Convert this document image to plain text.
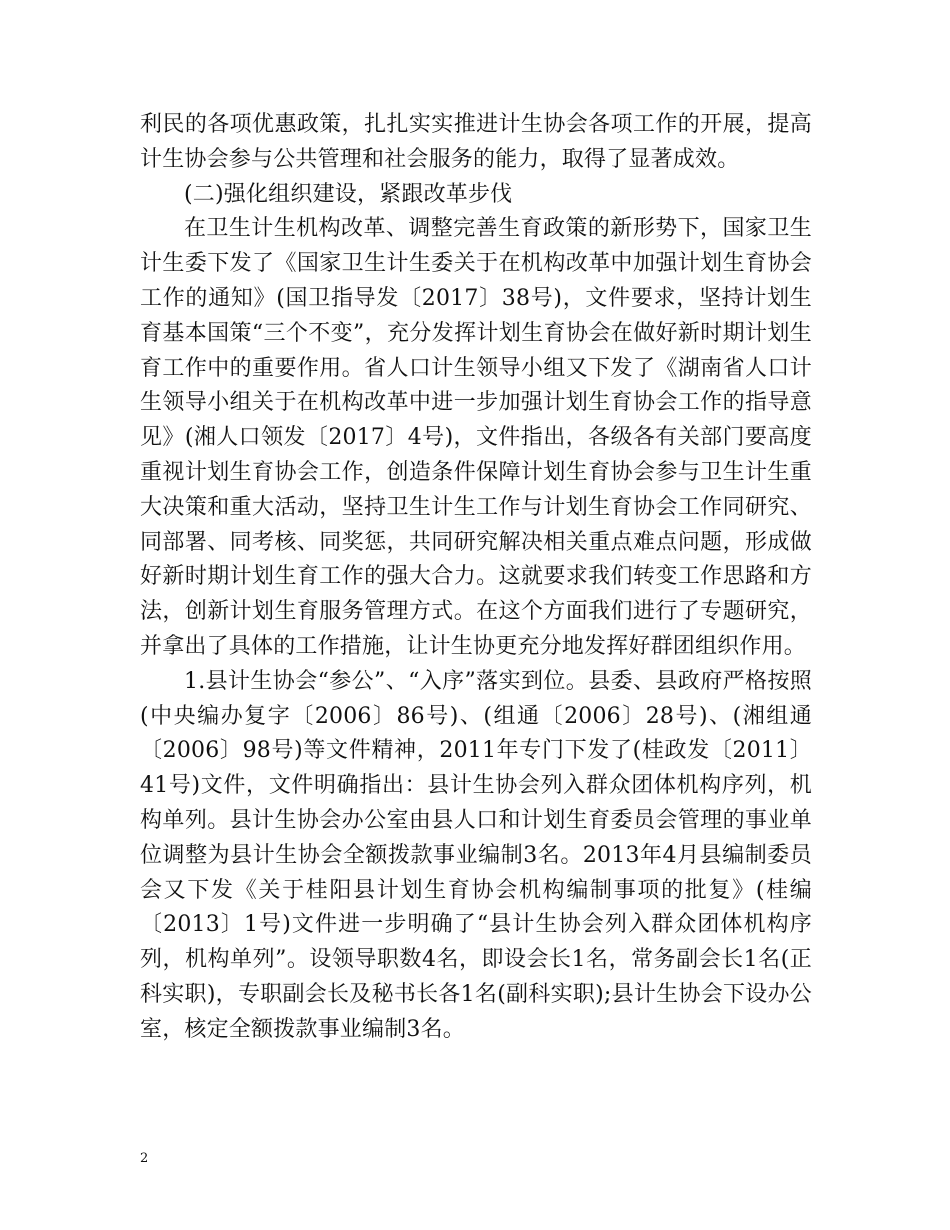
利民的各项优惠政策，扎扎实实推进计生协会各项工作的开展，提高计生协会参与公共管理和社会服务的能力，取得了显著成效。

(二)强化组织建设，紧跟改革步伐

在卫生计生机构改革、调整完善生育政策的新形势下，国家卫生计生委下发了《国家卫生计生委关于在机构改革中加强计划生育协会工作的通知》(国卫指导发〔2017〕38号)，文件要求，坚持计划生育基本国策“三个不变”，充分发挥计划生育协会在做好新时期计划生育工作中的重要作用。省人口计生领导小组又下发了《湖南省人口计生领导小组关于在机构改革中进一步加强计划生育协会工作的指导意见》(湘人口领发〔2017〕4号)，文件指出，各级各有关部门要高度重视计划生育协会工作，创造条件保障计划生育协会参与卫生计生重大决策和重大活动，坚持卫生计生工作与计划生育协会工作同研究、同部署、同考核、同奖惩，共同研究解决相关重点难点问题，形成做好新时期计划生育工作的强大合力。这就要求我们转变工作思路和方法，创新计划生育服务管理方式。在这个方面我们进行了专题研究，并拿出了具体的工作措施，让计生协更充分地发挥好群团组织作用。

1.县计生协会“参公”、“入序”落实到位。县委、县政府严格按照(中央编办复字〔2006〕86号)、(组通〔2006〕28号)、(湘组通〔2006〕98号)等文件精神，2011年专门下发了(桂政发〔2011〕41号)文件，文件明确指出：县计生协会列入群众团体机构序列，机构单列。县计生协会办公室由县人口和计划生育委员会管理的事业单位调整为县计生协会全额拨款事业编制3名。2013年4月县编制委员会又下发《关于桂阳县计划生育协会机构编制事项的批复》(桂编〔2013〕1号)文件进一步明确了“县计生协会列入群众团体机构序列，机构单列”。设领导职数4名，即设会长1名，常务副会长1名(正科实职)，专职副会长及秘书长各1名(副科实职);县计生协会下设办公室，核定全额拨款事业编制3名。

2
